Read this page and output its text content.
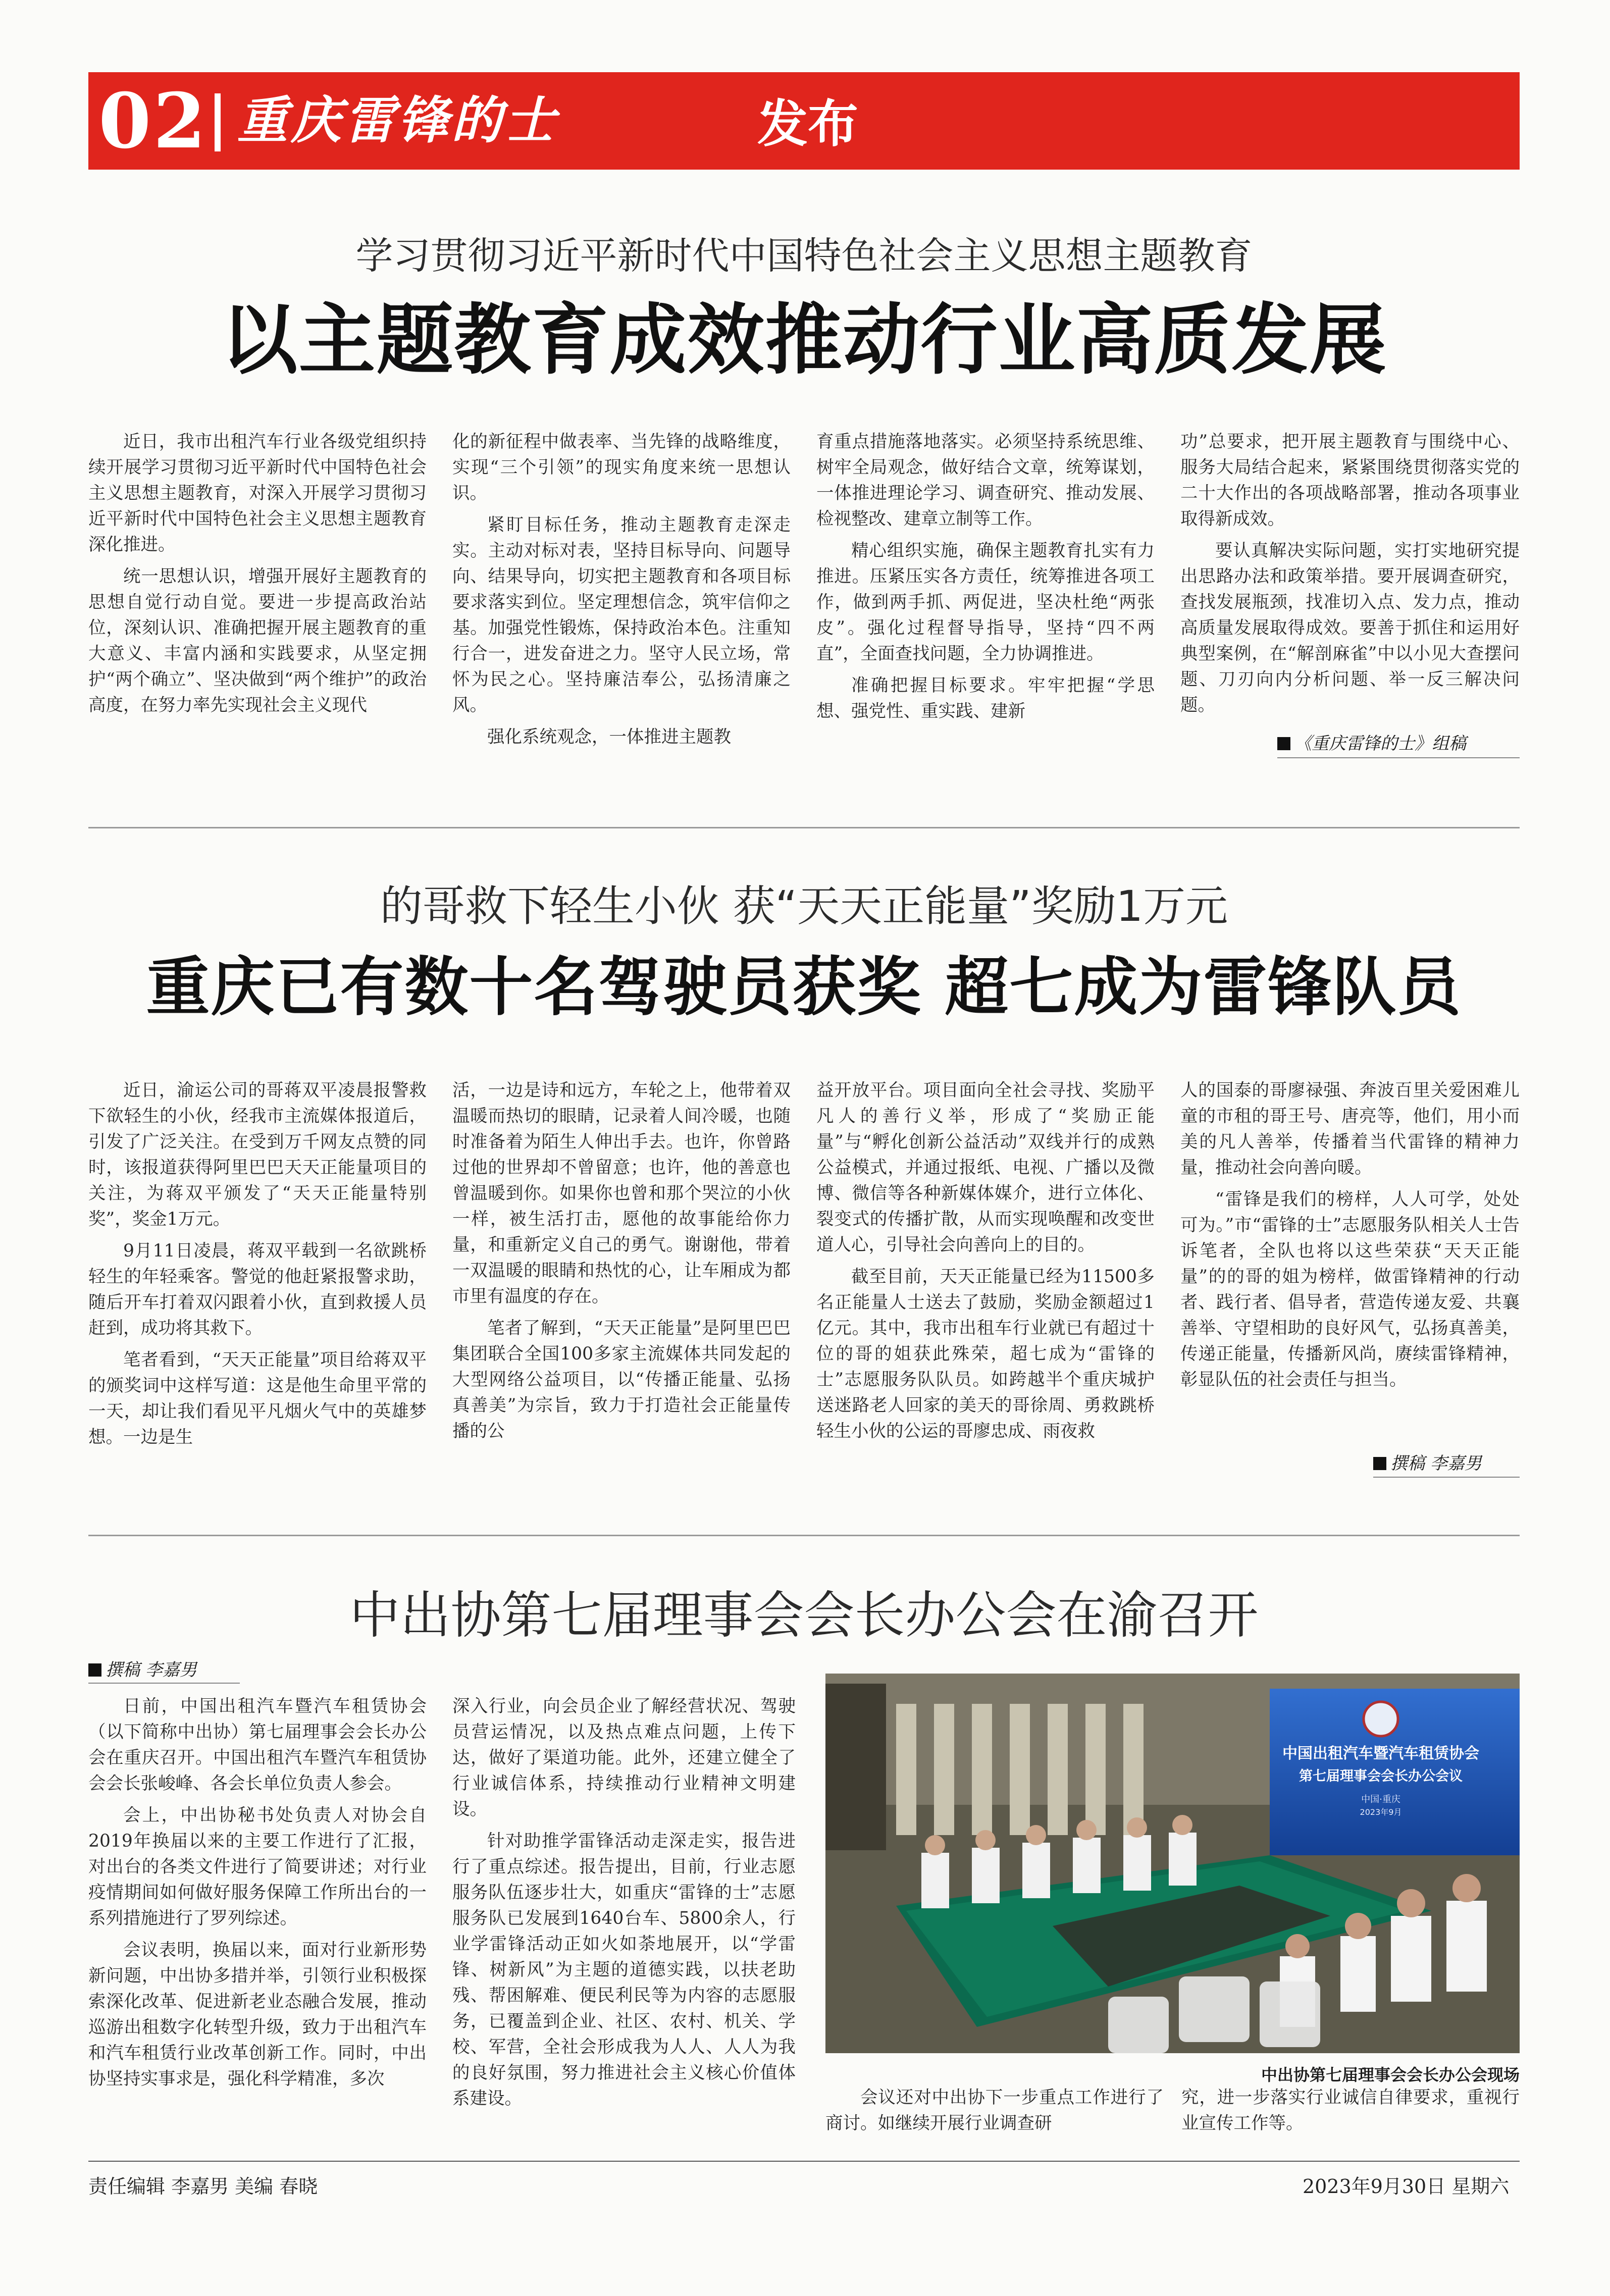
02 重庆雷锋的士	发布
学习贯彻习近平新时代中国特色社会主义思想主题教育
以主题教育成效推动行业高质发展

近日，我市出租汽车行业各级党组织持续开展学习贯彻习近平新时代中国特色社会主义思想主题教育，对深入开展学习贯彻习近平新时代中国特色社会主义思想主题教育深化推进。

统一思想认识，增强开展好主题教育的思想自觉行动自觉。要进一步提高政治站位，深刻认识、准确把握开展主题教育的重大意义、丰富内涵和实践要求，从坚定拥护“两个确立”、坚决做到“两个维护”的政治高度，在努力率先实现社会主义现代

化的新征程中做表率、当先锋的战略维度，实现“三个引领”的现实角度来统一思想认识。

紧盯目标任务，推动主题教育走深走实。主动对标对表，坚持目标导向、问题导向、结果导向，切实把主题教育和各项目标要求落实到位。坚定理想信念，筑牢信仰之基。加强党性锻炼，保持政治本色。注重知行合一，进发奋进之力。坚守人民立场，常怀为民之心。坚持廉洁奉公，弘扬清廉之风。

强化系统观念，一体推进主题教

育重点措施落地落实。必须坚持系统思维、树牢全局观念，做好结合文章，统筹谋划，一体推进理论学习、调查研究、推动发展、检视整改、建章立制等工作。

精心组织实施，确保主题教育扎实有力推进。压紧压实各方责任，统筹推进各项工作，做到两手抓、两促进，坚决杜绝“两张皮”。强化过程督导指导，坚持“四不两直”，全面查找问题，全力协调推进。

准确把握目标要求。牢牢把握“学思想、强党性、重实践、建新

功”总要求，把开展主题教育与围绕中心、服务大局结合起来，紧紧围绕贯彻落实党的二十大作出的各项战略部署，推动各项事业取得新成效。

要认真解决实际问题，实打实地研究提出思路办法和政策举措。要开展调查研究，查找发展瓶颈，找准切入点、发力点，推动高质量发展取得成效。要善于抓住和运用好典型案例，在“解剖麻雀”中以小见大查摆问题、刀刃向内分析问题、举一反三解决问题。

《重庆雷锋的士》组稿
的哥救下轻生小伙 获“天天正能量”奖励1万元
重庆已有数十名驾驶员获奖 超七成为雷锋队员

近日，渝运公司的哥蒋双平凌晨报警救下欲轻生的小伙，经我市主流媒体报道后，引发了广泛关注。在受到万千网友点赞的同时，该报道获得阿里巴巴天天正能量项目的关注，为蒋双平颁发了“天天正能量特别奖”，奖金1万元。

9月11日凌晨，蒋双平载到一名欲跳桥轻生的年轻乘客。警觉的他赶紧报警求助，随后开车打着双闪跟着小伙，直到救援人员赶到，成功将其救下。

笔者看到，“天天正能量”项目给蒋双平的颁奖词中这样写道：这是他生命里平常的一天，却让我们看见平凡烟火气中的英雄梦想。一边是生

活，一边是诗和远方，车轮之上，他带着双温暖而热切的眼睛，记录着人间冷暖，也随时准备着为陌生人伸出手去。也许，你曾路过他的世界却不曾留意；也许，他的善意也曾温暖到你。如果你也曾和那个哭泣的小伙一样，被生活打击，愿他的故事能给你力量，和重新定义自己的勇气。谢谢他，带着一双温暖的眼睛和热忱的心，让车厢成为都市里有温度的存在。

笔者了解到，“天天正能量”是阿里巴巴集团联合全国100多家主流媒体共同发起的大型网络公益项目，以“传播正能量、弘扬真善美”为宗旨，致力于打造社会正能量传播的公

益开放平台。项目面向全社会寻找、奖励平凡人的善行义举，形成了“奖励正能量”与“孵化创新公益活动”双线并行的成熟公益模式，并通过报纸、电视、广播以及微博、微信等各种新媒体媒介，进行立体化、裂变式的传播扩散，从而实现唤醒和改变世道人心，引导社会向善向上的目的。

截至目前，天天正能量已经为11500多名正能量人士送去了鼓励，奖励金额超过1亿元。其中，我市出租车行业就已有超过十位的哥的姐获此殊荣，超七成为“雷锋的士”志愿服务队队员。如跨越半个重庆城护送迷路老人回家的美天的哥徐周、勇救跳桥轻生小伙的公运的哥廖忠成、雨夜救

人的国泰的哥廖禄强、奔波百里关爱困难儿童的市租的哥王号、唐亮等，他们，用小而美的凡人善举，传播着当代雷锋的精神力量，推动社会向善向暖。

“雷锋是我们的榜样，人人可学，处处可为。”市“雷锋的士”志愿服务队相关人士告诉笔者，全队也将以这些荣获“天天正能量”的的哥的姐为榜样，做雷锋精神的行动者、践行者、倡导者，营造传递友爱、共襄善举、守望相助的良好风气，弘扬真善美，传递正能量，传播新风尚，赓续雷锋精神，彰显队伍的社会责任与担当。

撰稿 李嘉男
中出协第七届理事会会长办公会在渝召开
撰稿 李嘉男

日前，中国出租汽车暨汽车租赁协会（以下简称中出协）第七届理事会会长办公会在重庆召开。中国出租汽车暨汽车租赁协会会长张峻峰、各会长单位负责人参会。

会上，中出协秘书处负责人对协会自2019年换届以来的主要工作进行了汇报，对出台的各类文件进行了简要讲述；对行业疫情期间如何做好服务保障工作所出台的一系列措施进行了罗列综述。

会议表明，换届以来，面对行业新形势新问题，中出协多措并举，引领行业积极探索深化改革、促进新老业态融合发展，推动巡游出租数字化转型升级，致力于出租汽车和汽车租赁行业改革创新工作。同时，中出协坚持实事求是，强化科学精准，多次

深入行业，向会员企业了解经营状况、驾驶员营运情况，以及热点难点问题，上传下达，做好了渠道功能。此外，还建立健全了行业诚信体系，持续推动行业精神文明建设。

针对助推学雷锋活动走深走实，报告进行了重点综述。报告提出，目前，行业志愿服务队伍逐步壮大，如重庆“雷锋的士”志愿服务队已发展到1640台车、5800余人，行业学雷锋活动正如火如荼地展开，以“学雷锋、树新风”为主题的道德实践，以扶老助残、帮困解难、便民利民等为内容的志愿服务，已覆盖到企业、社区、农村、机关、学校、军营，全社会形成我为人人、人人为我的良好氛围，努力推进社会主义核心价值体系建设。

中国出租汽车暨汽车租赁协会
第七届理事会会长办公会议
中国·重庆
2023年9月
中出协第七届理事会会长办公会现场

会议还对中出协下一步重点工作进行了商讨。如继续开展行业调查研

究，进一步落实行业诚信自律要求，重视行业宣传工作等。

责任编辑 李嘉男 美编 春晓	2023年9月30日 星期六
